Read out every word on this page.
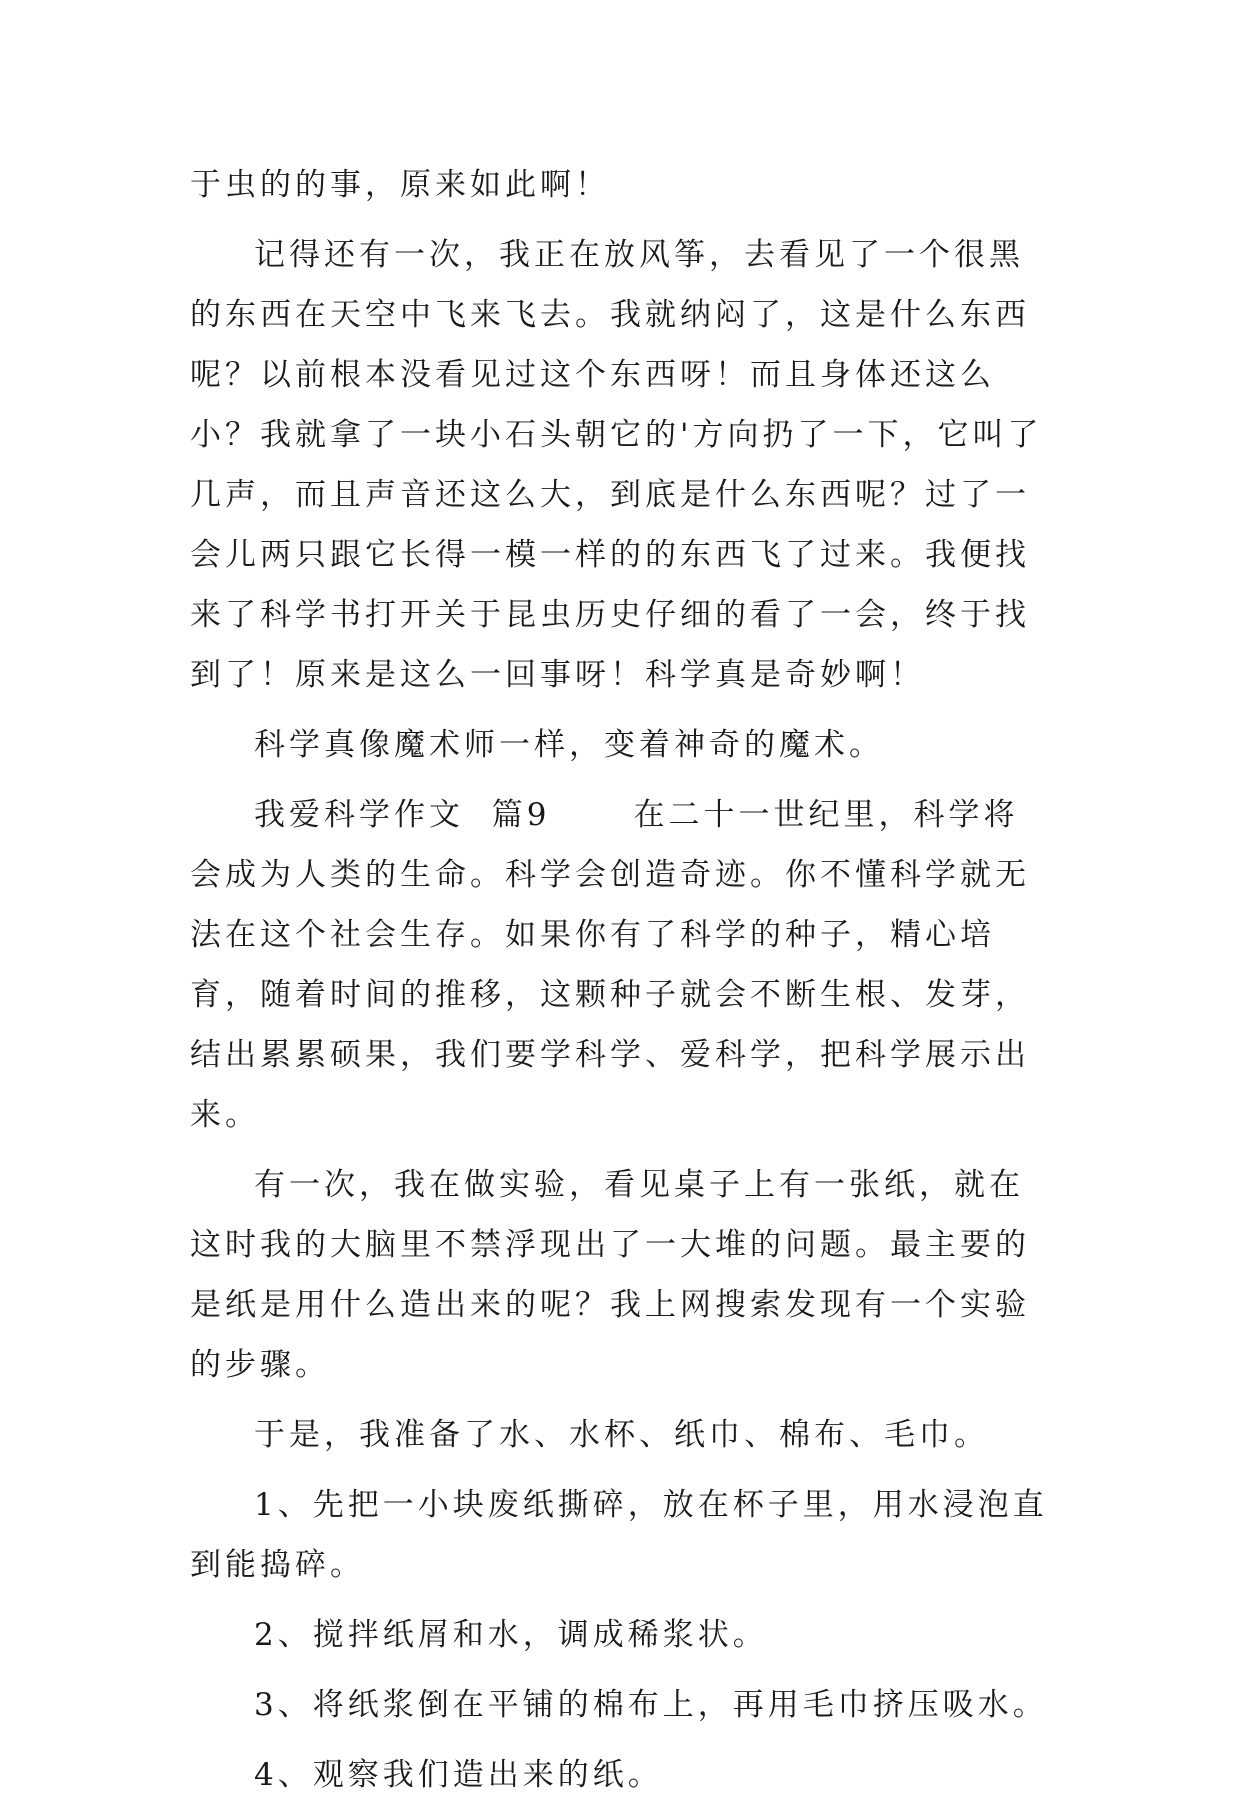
于虫的的事，原来如此啊！

记得还有一次，我正在放风筝，去看见了一个很黑的东西在天空中飞来飞去。我就纳闷了，这是什么东西呢？以前根本没看见过这个东西呀！而且身体还这么小？我就拿了一块小石头朝它的'方向扔了一下，它叫了几声，而且声音还这么大，到底是什么东西呢？过了一会儿两只跟它长得一模一样的的东西飞了过来。我便找来了科学书打开关于昆虫历史仔细的看了一会，终于找到了！原来是这么一回事呀！科学真是奇妙啊！

科学真像魔术师一样，变着神奇的魔术。

我爱科学作文  篇9      在二十一世纪里，科学将会成为人类的生命。科学会创造奇迹。你不懂科学就无法在这个社会生存。如果你有了科学的种子，精心培育，随着时间的推移，这颗种子就会不断生根、发芽，结出累累硕果，我们要学科学、爱科学，把科学展示出来。

有一次，我在做实验，看见桌子上有一张纸，就在这时我的大脑里不禁浮现出了一大堆的问题。最主要的是纸是用什么造出来的呢？我上网搜索发现有一个实验的步骤。

于是，我准备了水、水杯、纸巾、棉布、毛巾。

1、先把一小块废纸撕碎，放在杯子里，用水浸泡直到能捣碎。

2、搅拌纸屑和水，调成稀浆状。

3、将纸浆倒在平铺的棉布上，再用毛巾挤压吸水。

4、观察我们造出来的纸。
